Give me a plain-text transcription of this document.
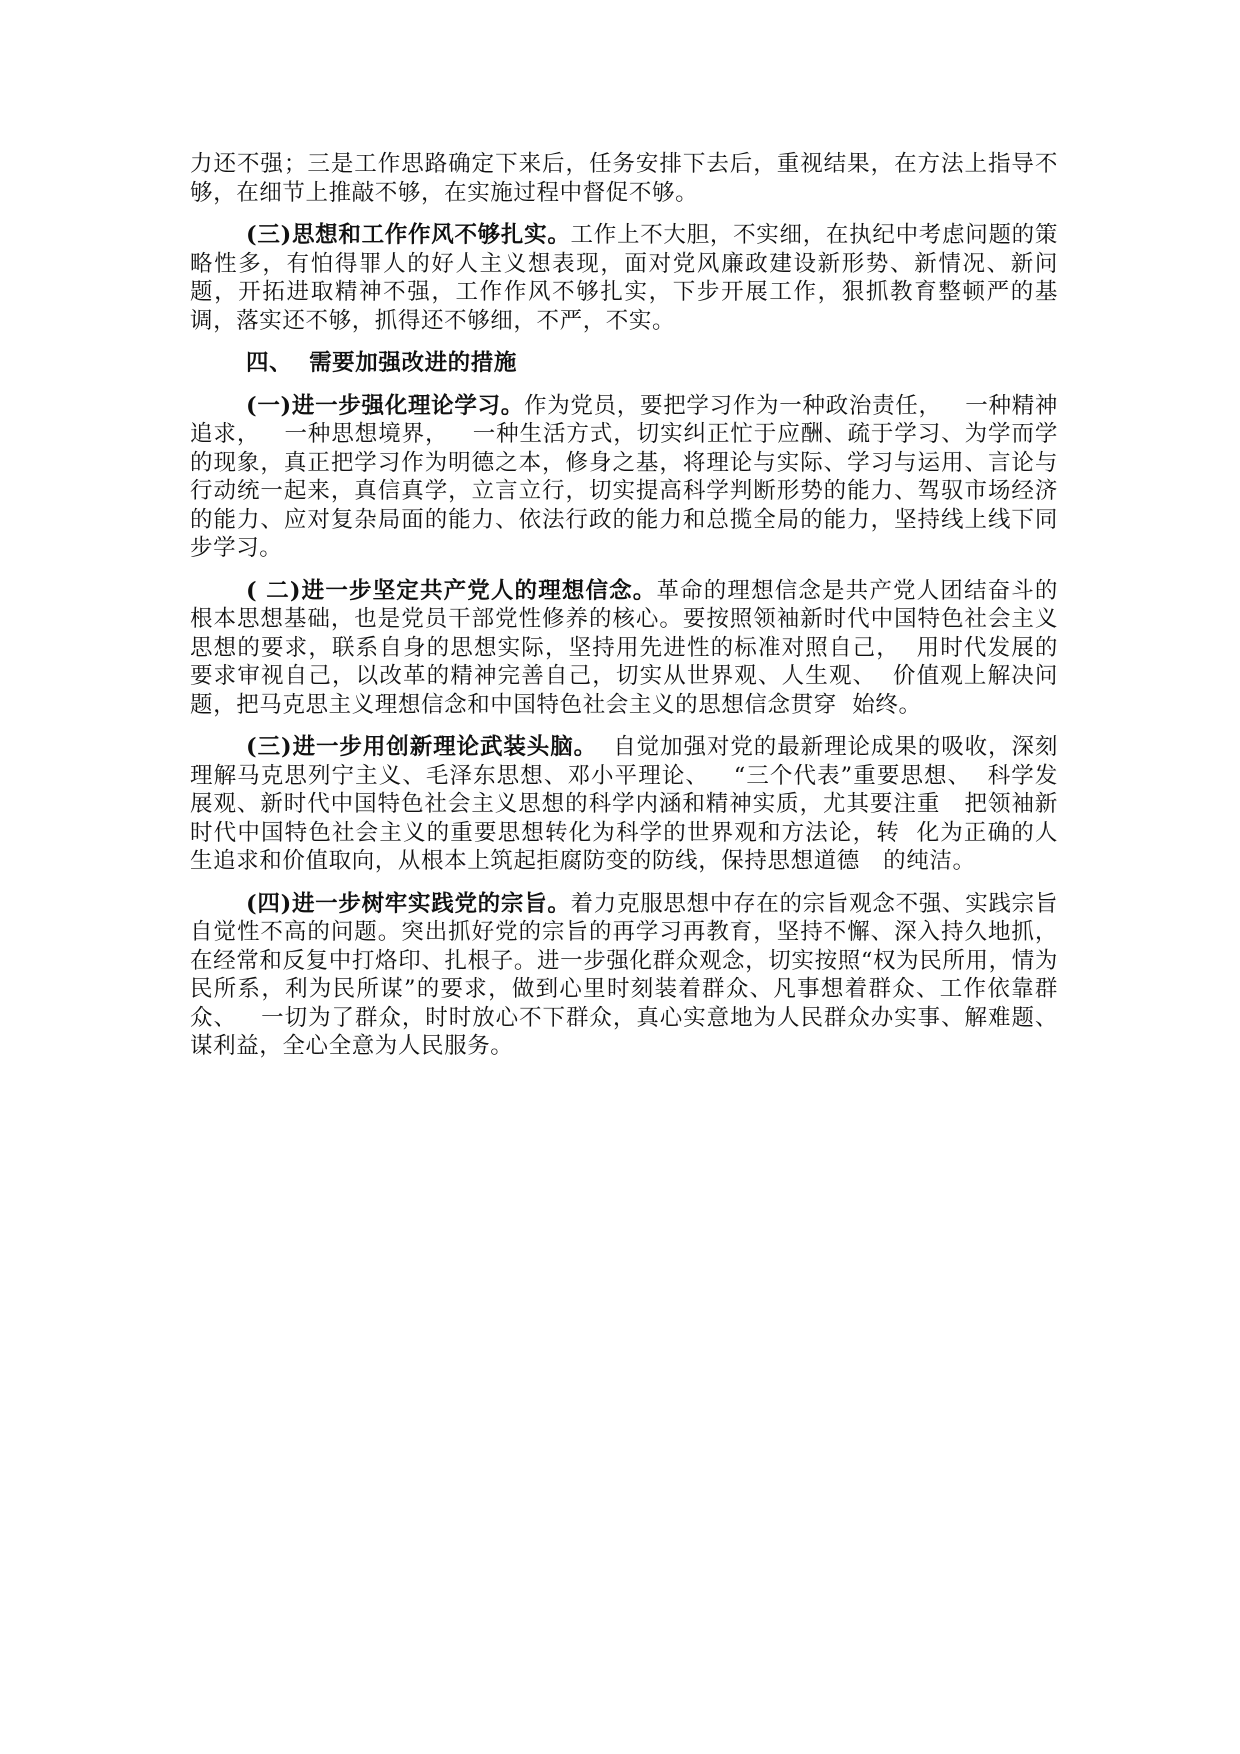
力还不强；三是工作思路确定下来后，任务安排下去后，重视结果，在方法上指导不够，在细节上推敲不够，在实施过程中督促不够。

(三)思想和工作作风不够扎实。工作上不大胆，不实细，在执纪中考虑问题的策略性多，有怕得罪人的好人主义想表现，面对党风廉政建设新形势、新情况、新问题，开拓进取精神不强，工作作风不够扎实，下步开展工作，狠抓教育整顿严的基调，落实还不够，抓得还不够细，不严，不实。

四、  需要加强改进的措施

(一)进一步强化理论学习。作为党员，要把学习作为一种政治责任，   一种精神追求，   一种思想境界，   一种生活方式，切实纠正忙于应酬、疏于学习、为学而学的现象，真正把学习作为明德之本，修身之基，将理论与实际、学习与运用、言论与行动统一起来，真信真学，立言立行，切实提高科学判断形势的能力、驾驭市场经济的能力、应对复杂局面的能力、依法行政的能力和总揽全局的能力，坚持线上线下同步学习。

( 二)进一步坚定共产党人的理想信念。革命的理想信念是共产党人团结奋斗的根本思想基础，也是党员干部党性修养的核心。要按照领袖新时代中国特色社会主义思想的要求，联系自身的思想实际，坚持用先进性的标准对照自己，  用时代发展的要求审视自己，以改革的精神完善自己，切实从世界观、人生观、  价值观上解决问题，把马克思主义理想信念和中国特色社会主义的思想信念贯穿  始终。

(三)进一步用创新理论武装头脑。  自觉加强对党的最新理论成果的吸收，深刻理解马克思列宁主义、毛泽东思想、邓小平理论、   “三个代表”重要思想、  科学发展观、新时代中国特色社会主义思想的科学内涵和精神实质，尤其要注重   把领袖新时代中国特色社会主义的重要思想转化为科学的世界观和方法论，转  化为正确的人生追求和价值取向，从根本上筑起拒腐防变的防线，保持思想道德   的纯洁。

(四)进一步树牢实践党的宗旨。着力克服思想中存在的宗旨观念不强、实践宗旨自觉性不高的问题。突出抓好党的宗旨的再学习再教育，坚持不懈、深入持久地抓，在经常和反复中打烙印、扎根子。进一步强化群众观念，切实按照“权为民所用，情为民所系，利为民所谋”的要求，做到心里时刻装着群众、凡事想着群众、工作依靠群众、   一切为了群众，时时放心不下群众，真心实意地为人民群众办实事、解难题、谋利益，全心全意为人民服务。
